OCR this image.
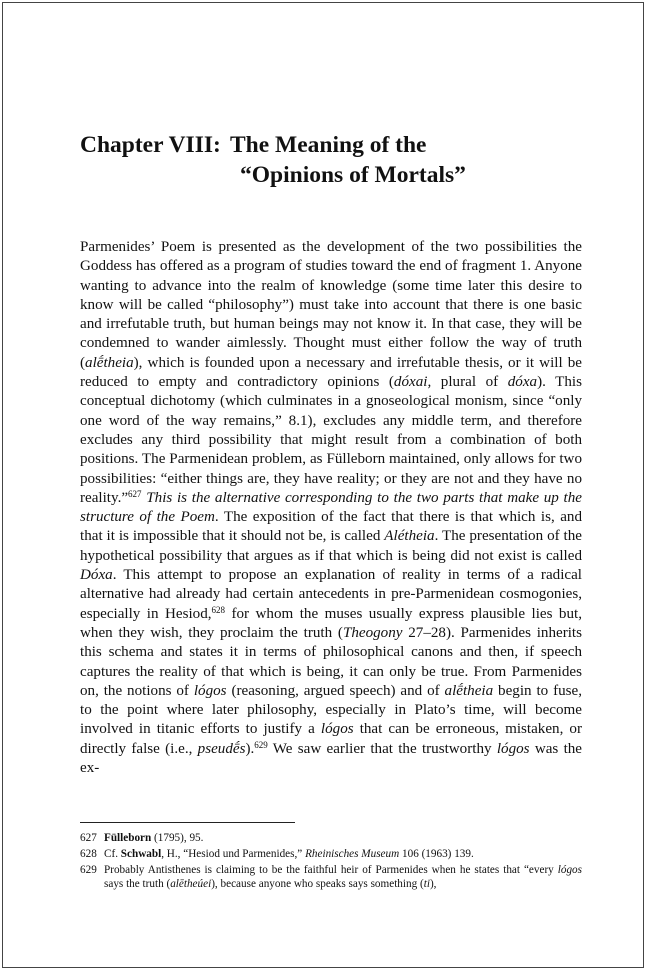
Chapter VIII: The Meaning of the
“Opinions of Mortals”

Parmenides’ Poem is presented as the development of the two possibilities the Goddess has offered as a program of studies toward the end of fragment 1. Anyone wanting to advance into the realm of knowledge (some time later this desire to know will be called “philosophy”) must take into account that there is one basic and irrefutable truth, but human beings may not know it. In that case, they will be condemned to wander aimlessly. Thought must either follow the way of truth (alḗtheia), which is founded upon a necessary and irrefutable thesis, or it will be reduced to empty and contradictory opinions (dóxai, plural of dóxa). This conceptual dichotomy (which culminates in a gnoseological monism, since “only one word of the way remains,” 8.1), excludes any middle term, and therefore excludes any third possibility that might result from a combination of both positions. The Parmenidean problem, as Fülleborn maintained, only allows for two possibilities: “either things are, they have reality; or they are not and they have no reality.”$^{627}$ This is the alternative corresponding to the two parts that make up the structure of the Poem. The exposition of the fact that there is that which is, and that it is impossible that it should not be, is called Alétheia. The presentation of the hypothetical possibility that argues as if that which is being did not exist is called Dóxa. This attempt to propose an explanation of reality in terms of a radical alternative had already had certain antecedents in pre-Parmenidean cosmogonies, especially in Hesiod,$^{628}$ for whom the muses usually express plausible lies but, when they wish, they proclaim the truth (Theogony 27–28). Parmenides inherits this schema and states it in terms of philosophical canons and then, if speech captures the reality of that which is being, it can only be true. From Parmenides on, the notions of lógos (reasoning, argued speech) and of alḗtheia begin to fuse, to the point where later philosophy, especially in Plato’s time, will become involved in titanic efforts to justify a lógos that can be erroneous, mistaken, or directly false (i.e., pseudḗs).$^{629}$ We saw earlier that the trustworthy lógos was the ex-

627 Fülleborn (1795), 95.

628 Cf. Schwabl, H., “Hesiod und Parmenides,” Rheinisches Museum 106 (1963) 139.

629 Probably Antisthenes is claiming to be the faithful heir of Parmenides when he states that “every lógos says the truth (alētheúei), because anyone who speaks says something (ti),
